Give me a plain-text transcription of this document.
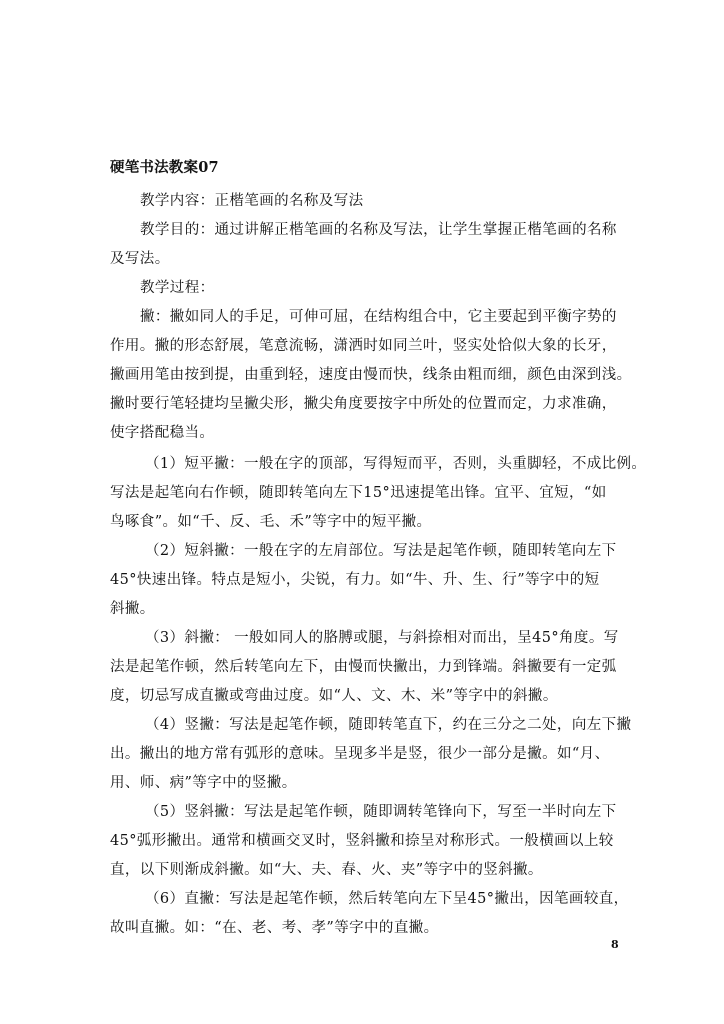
硬笔书法教案07
教学内容：正楷笔画的名称及写法
教学目的：通过讲解正楷笔画的名称及写法，让学生掌握正楷笔画的名称
及写法。
教学过程：
撇：撇如同人的手足，可伸可屈，在结构组合中，它主要起到平衡字势的
作用。撇的形态舒展，笔意流畅，潇洒时如同兰叶，竖实处恰似大象的长牙，
撇画用笔由按到提，由重到轻，速度由慢而快，线条由粗而细，颜色由深到浅。
撇时要行笔轻捷均呈撇尖形，撇尖角度要按字中所处的位置而定，力求准确，
使字搭配稳当。
（1）短平撇：一般在字的顶部，写得短而平，否则，头重脚轻，不成比例。
写法是起笔向右作顿，随即转笔向左下15°迅速提笔出锋。宜平、宜短，“如
鸟啄食”。如“千、反、毛、禾”等字中的短平撇。
（2）短斜撇：一般在字的左肩部位。写法是起笔作顿，随即转笔向左下
45°快速出锋。特点是短小，尖锐，有力。如“牛、升、生、行”等字中的短
斜撇。
（3）斜撇： 一般如同人的胳膊或腿，与斜捺相对而出，呈45°角度。写
法是起笔作顿，然后转笔向左下，由慢而快撇出，力到锋端。斜撇要有一定弧
度，切忌写成直撇或弯曲过度。如“人、文、木、米”等字中的斜撇。
（4）竖撇：写法是起笔作顿，随即转笔直下，约在三分之二处，向左下撇
出。撇出的地方常有弧形的意味。呈现多半是竖，很少一部分是撇。如“月、
用、师、病”等字中的竖撇。
（5）竖斜撇：写法是起笔作顿，随即调转笔锋向下，写至一半时向左下
45°弧形撇出。通常和横画交叉时，竖斜撇和捺呈对称形式。一般横画以上较
直，以下则渐成斜撇。如“大、夫、春、火、夹”等字中的竖斜撇。
（6）直撇：写法是起笔作顿，然后转笔向左下呈45°撇出，因笔画较直，
故叫直撇。如：“在、老、考、孝”等字中的直撇。
8
